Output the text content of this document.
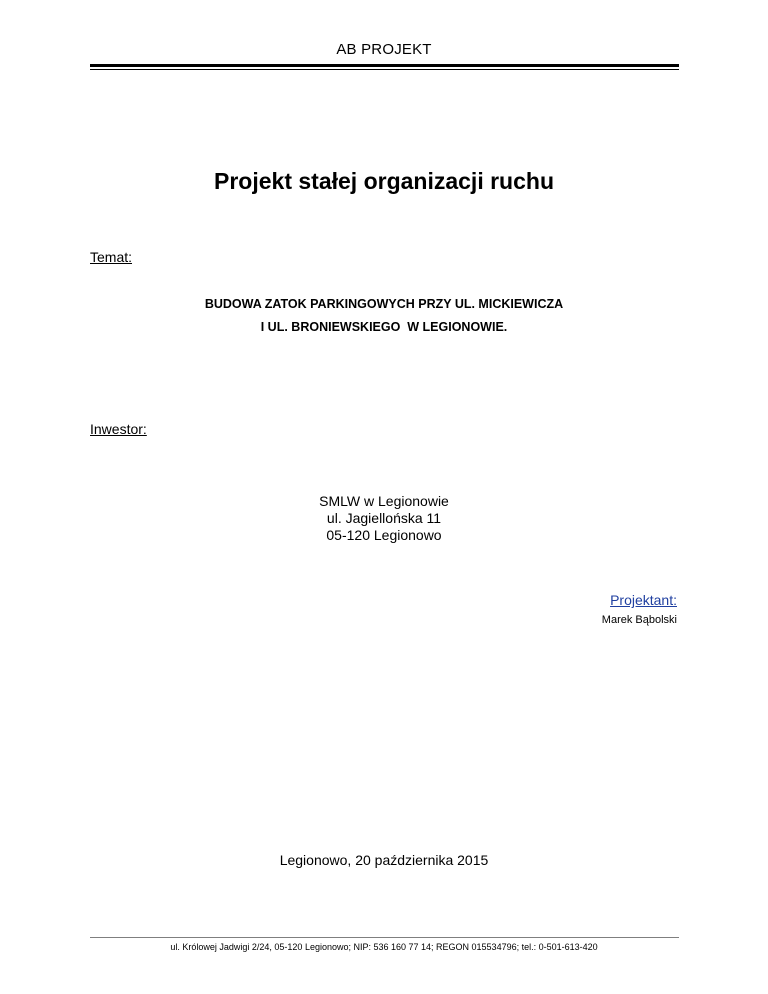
AB PROJEKT
Projekt stałej organizacji ruchu
Temat:
BUDOWA ZATOK PARKINGOWYCH PRZY UL. MICKIEWICZA
I UL. BRONIEWSKIEGO  W LEGIONOWIE.
Inwestor:
SMLW w Legionowie
ul. Jagiellońska 11
05-120 Legionowo
Projektant:
Marek Bąbolski
Legionowo, 20 października 2015
ul. Królowej Jadwigi 2/24, 05-120 Legionowo; NIP: 536 160 77 14; REGON 015534796; tel.: 0-501-613-420
